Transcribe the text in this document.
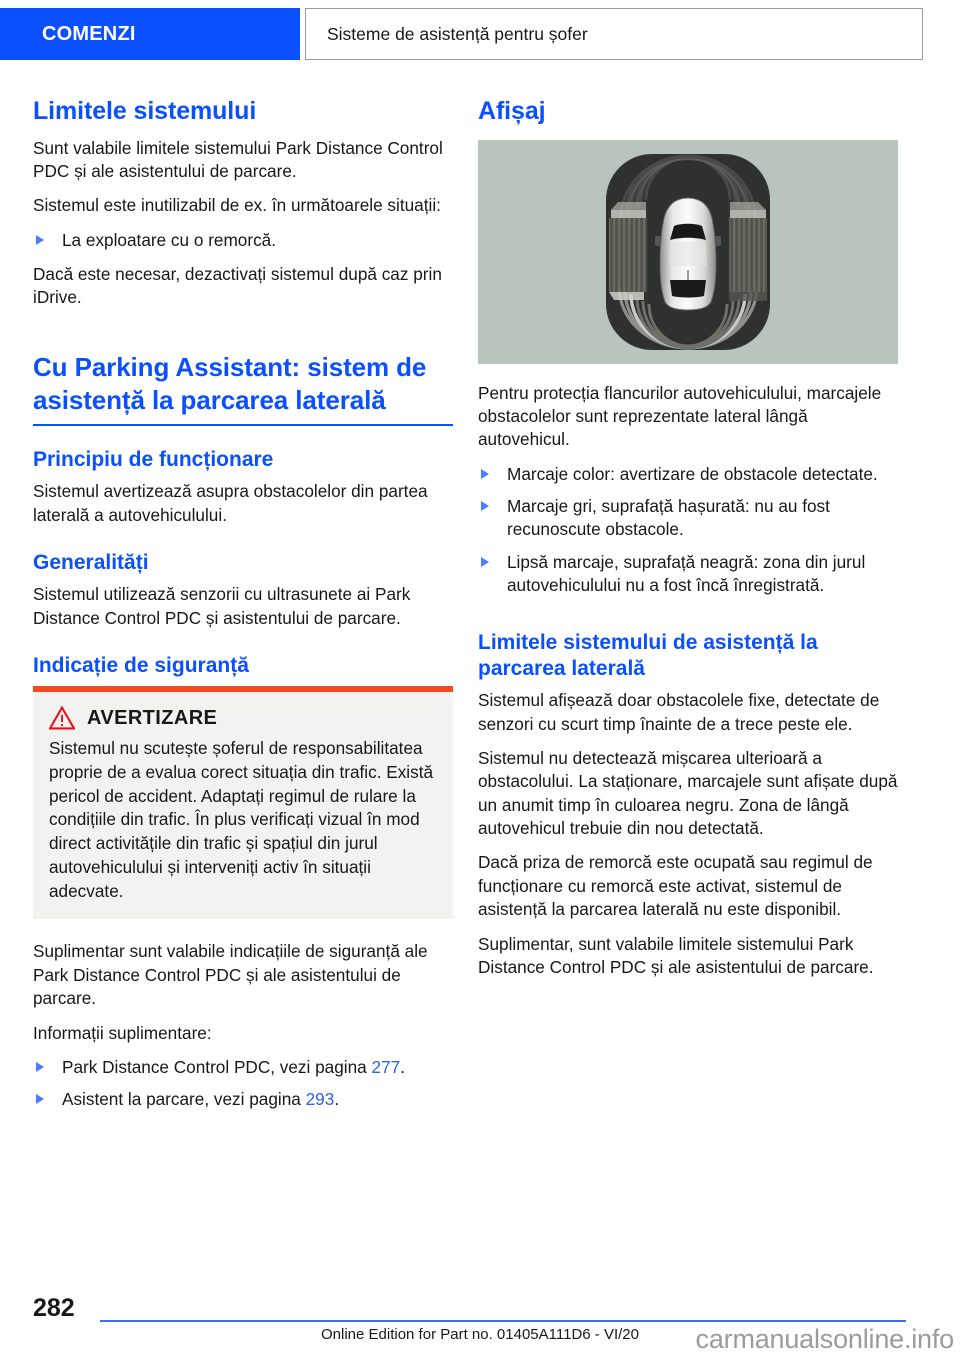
COMENZI	Sisteme de asistență pentru șofer
Limitele sistemului

Sunt valabile limitele sistemului Park Distance Control PDC și ale asistentului de parcare.

Sistemul este inutilizabil de ex. în următoarele situații:

La exploatare cu o remorcă.

Dacă este necesar, dezactivați sistemul după caz prin iDrive.

Cu Parking Assistant: sistem de asistență la parcarea laterală
Principiu de funcționare

Sistemul avertizează asupra obstacolelor din partea laterală a autovehiculului.

Generalități

Sistemul utilizează senzorii cu ultrasunete ai Park Distance Control PDC și asistentului de parcare.

Indicație de siguranță
AVERTIZARE

Sistemul nu scutește șoferul de responsabilitatea proprie de a evalua corect situația din trafic. Există pericol de accident. Adaptați regimul de rulare la condițiile din trafic. În plus verificați vizual în mod direct activitățile din trafic și spațiul din jurul autovehiculului și interveniți activ în situații adecvate.

Suplimentar sunt valabile indicațiile de siguranță ale Park Distance Control PDC și ale asistentului de parcare.

Informații suplimentare:

Park Distance Control PDC, vezi pagina 277.
Asistent la parcare, vezi pagina 293.
Afișaj

Pentru protecția flancurilor autovehiculului, marcajele obstacolelor sunt reprezentate lateral lângă autovehicul.

Marcaje color: avertizare de obstacole detectate.
Marcaje gri, suprafață hașurată: nu au fost recunoscute obstacole.
Lipsă marcaje, suprafață neagră: zona din jurul autovehiculului nu a fost încă înregistrată.
Limitele sistemului de asistență la parcarea laterală

Sistemul afișează doar obstacolele fixe, detectate de senzori cu scurt timp înainte de a trece peste ele.

Sistemul nu detectează mișcarea ulterioară a obstacolului. La staționare, marcajele sunt afișate după un anumit timp în culoarea negru. Zona de lângă autovehicul trebuie din nou detectată.

Dacă priza de remorcă este ocupată sau regimul de funcționare cu remorcă este activat, sistemul de asistență la parcarea laterală nu este disponibil.

Suplimentar, sunt valabile limitele sistemului Park Distance Control PDC și ale asistentului de parcare.

282
Online Edition for Part no. 01405A111D6 - VI/20	carmanualsonline.info
